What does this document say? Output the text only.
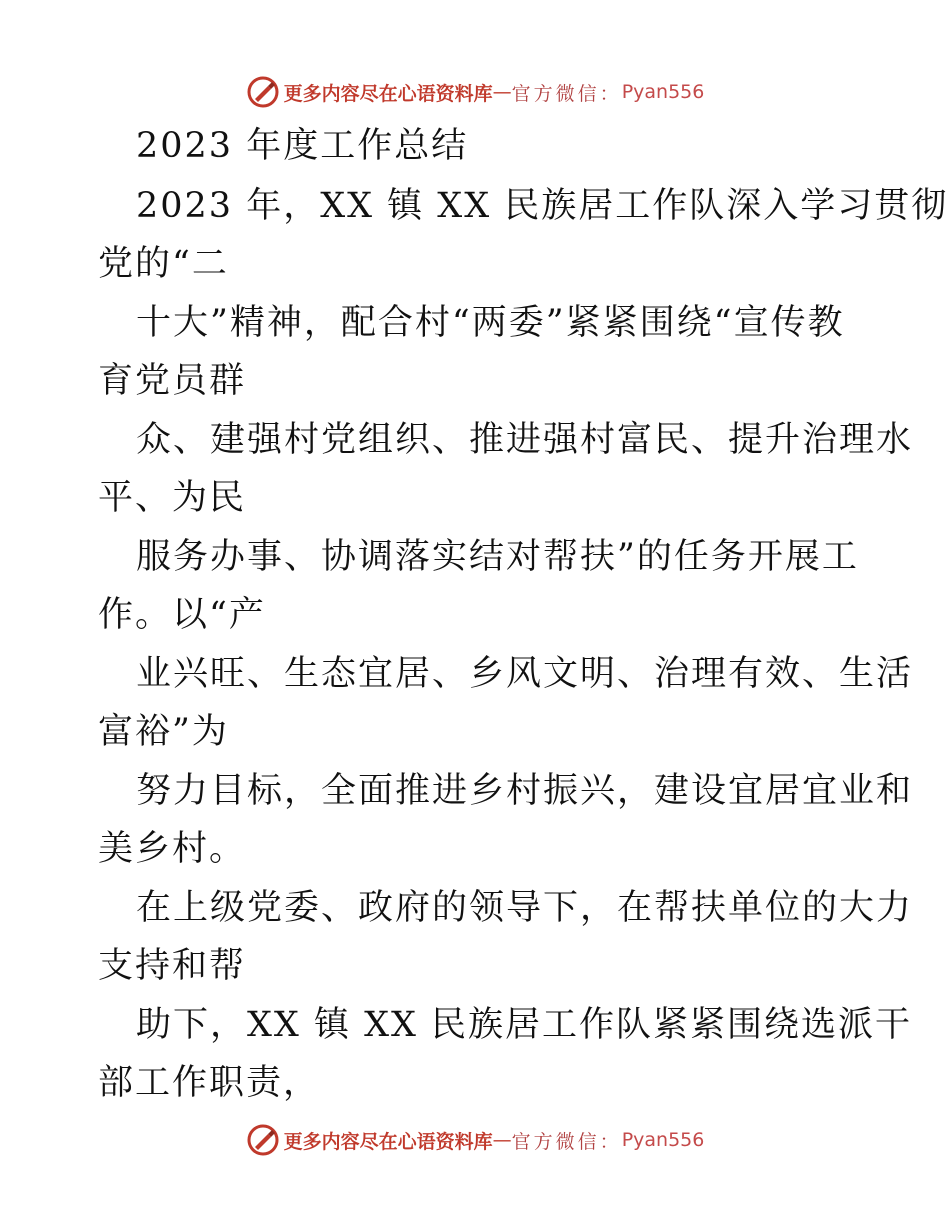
更多内容尽在心语资料库 — 官方微信： Pyan556
2023 年度工作总结
2023 年，XX 镇 XX 民族居工作队深入学习贯彻
党的“二
十大”精神，配合村“两委”紧紧围绕“宣传教
育党员群
众、建强村党组织、推进强村富民、提升治理水
平、为民
服务办事、协调落实结对帮扶”的任务开展工
作。以“产
业兴旺、生态宜居、乡风文明、治理有效、生活
富裕”为
努力目标，全面推进乡村振兴，建设宜居宜业和
美乡村。
在上级党委、政府的领导下，在帮扶单位的大力
支持和帮
助下，XX 镇 XX 民族居工作队紧紧围绕选派干
部工作职责，
更多内容尽在心语资料库 — 官方微信： Pyan556
